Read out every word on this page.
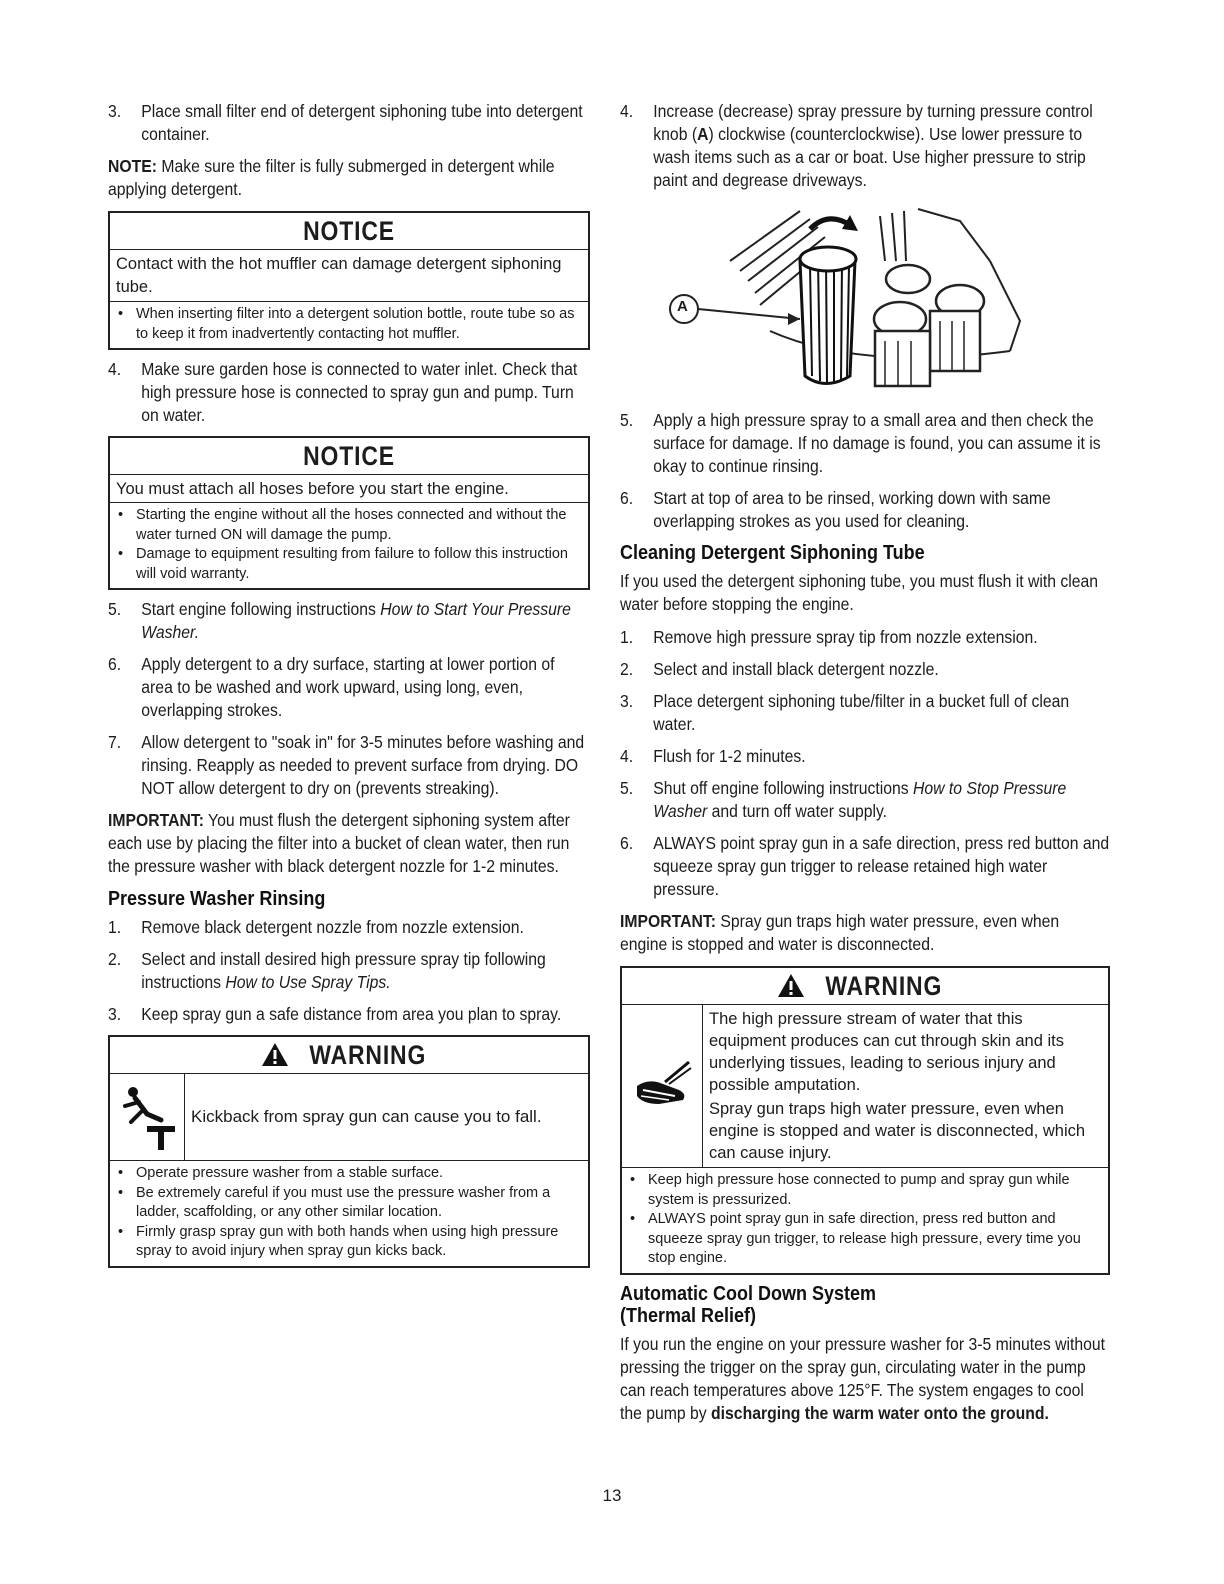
3. Place small filter end of detergent siphoning tube into detergent container.

NOTE: Make sure the filter is fully submerged in detergent while applying detergent.

NOTICE
Contact with the hot muffler can damage detergent siphoning tube.
• When inserting filter into a detergent solution bottle, route tube so as to keep it from inadvertently contacting hot muffler.
4. Make sure garden hose is connected to water inlet. Check that high pressure hose is connected to spray gun and pump. Turn on water.
NOTICE
You must attach all hoses before you start the engine.
• Starting the engine without all the hoses connected and without the water turned ON will damage the pump.
• Damage to equipment resulting from failure to follow this instruction will void warranty.
5. Start engine following instructions How to Start Your Pressure Washer.
6. Apply detergent to a dry surface, starting at lower portion of area to be washed and work upward, using long, even, overlapping strokes.
7. Allow detergent to "soak in" for 3-5 minutes before washing and rinsing. Reapply as needed to prevent surface from drying. DO NOT allow detergent to dry on (prevents streaking).

IMPORTANT: You must flush the detergent siphoning system after each use by placing the filter into a bucket of clean water, then run the pressure washer with black detergent nozzle for 1-2 minutes.

Pressure Washer Rinsing
1. Remove black detergent nozzle from nozzle extension.
2. Select and install desired high pressure spray tip following instructions How to Use Spray Tips.
3. Keep spray gun a safe distance from area you plan to spray.
WARNING
Kickback from spray gun can cause you to fall.
• Operate pressure washer from a stable surface.
• Be extremely careful if you must use the pressure washer from a ladder, scaffolding, or any other similar location.
• Firmly grasp spray gun with both hands when using high pressure spray to avoid injury when spray gun kicks back.
4. Increase (decrease) spray pressure by turning pressure control knob (A) clockwise (counterclockwise). Use lower pressure to wash items such as a car or boat. Use higher pressure to strip paint and degrease driveways.
A
5. Apply a high pressure spray to a small area and then check the surface for damage. If no damage is found, you can assume it is okay to continue rinsing.
6. Start at top of area to be rinsed, working down with same overlapping strokes as you used for cleaning.
Cleaning Detergent Siphoning Tube

If you used the detergent siphoning tube, you must flush it with clean water before stopping the engine.

1. Remove high pressure spray tip from nozzle extension.
2. Select and install black detergent nozzle.
3. Place detergent siphoning tube/filter in a bucket full of clean water.
4. Flush for 1-2 minutes.
5. Shut off engine following instructions How to Stop Pressure Washer and turn off water supply.
6. ALWAYS point spray gun in a safe direction, press red button and squeeze spray gun trigger to release retained high water pressure.

IMPORTANT: Spray gun traps high water pressure, even when engine is stopped and water is disconnected.

WARNING
The high pressure stream of water that this equipment produces can cut through skin and its underlying tissues, leading to serious injury and possible amputation.
Spray gun traps high water pressure, even when engine is stopped and water is disconnected, which can cause injury.
• Keep high pressure hose connected to pump and spray gun while system is pressurized.
• ALWAYS point spray gun in safe direction, press red button and squeeze spray gun trigger, to release high pressure, every time you stop engine.
Automatic Cool Down System
(Thermal Relief)

If you run the engine on your pressure washer for 3-5 minutes without pressing the trigger on the spray gun, circulating water in the pump can reach temperatures above 125°F. The system engages to cool the pump by discharging the warm water onto the ground.

13
